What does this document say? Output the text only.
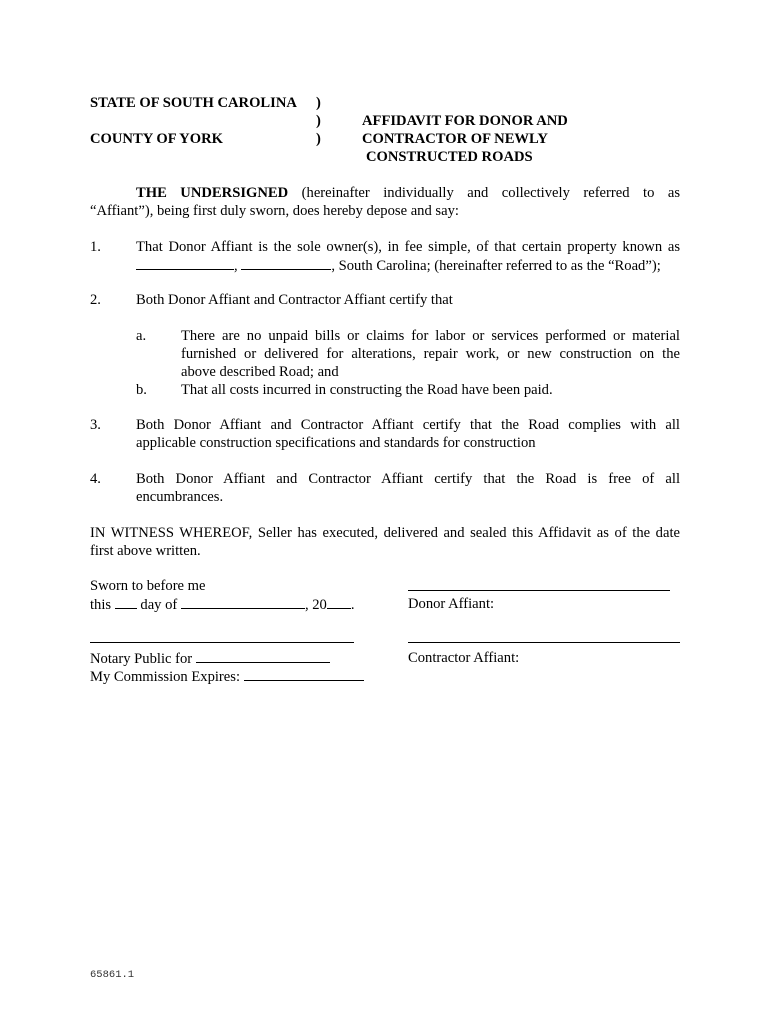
STATE OF SOUTH CAROLINA )
)
COUNTY OF YORK	)
AFFIDAVIT FOR DONOR AND
CONTRACTOR OF NEWLY
CONSTRUCTED ROADS
THE UNDERSIGNED (hereinafter individually and collectively referred to as
“Affiant”), being first duly sworn, does hereby depose and say:
1. That Donor Affiant is the sole owner(s), in fee simple, of that certain property known as
,	, South Carolina; (hereinafter referred to as the “Road”);
2. Both Donor Affiant and Contractor Affiant certify that
a. There are no unpaid bills or claims for labor or services performed or material
furnished or delivered for alterations, repair work, or new construction on the
above described Road; and
b. That all costs incurred in constructing the Road have been paid.
3. Both Donor Affiant and Contractor Affiant certify that the Road complies with all
applicable construction specifications and standards for construction
4. Both Donor Affiant and Contractor Affiant certify that the Road is free of all
encumbrances.
IN WITNESS WHEREOF, Seller has executed, delivered and sealed this Affidavit as of the date
first above written.
Sworn to before me
this day of	, 20 .	Donor Affiant:
Notary Public for	Contractor Affiant:
My Commission Expires:
65861.1
